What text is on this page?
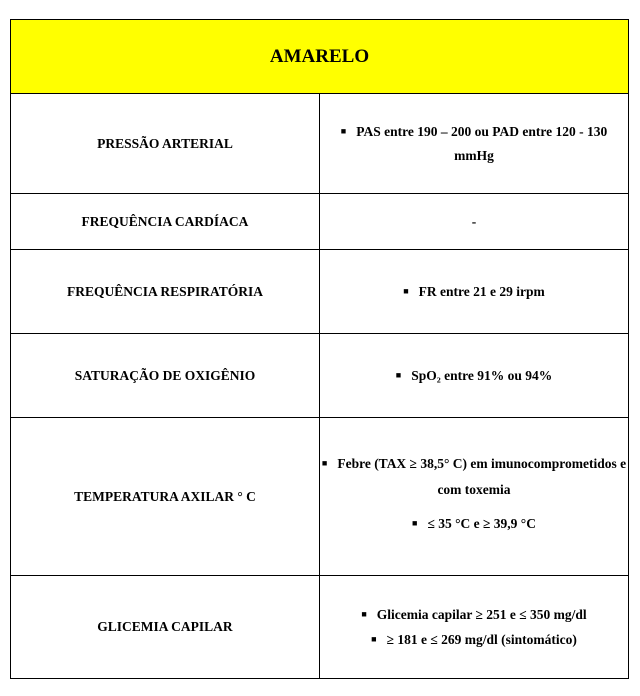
AMARELO	
PRESSÃO ARTERIAL	■ PAS entre 190 – 200 ou PAD entre 120 - 130 mmHg

FREQUÊNCIA CARDÍACA	-

FREQUÊNCIA RESPIRATÓRIA	■ FR entre 21 e 29 irpm

SATURAÇÃO DE OXIGÊNIO	■ SpO₂ entre 91% ou 94%

TEMPERATURA AXILAR ° C	■ Febre (TAX ≥ 38,5° C) em imunocomprometidos e
com toxemia
■ ≤ 35 °C e ≥ 39,9 °C

GLICEMIA CAPILAR	■ Glicemia capilar ≥ 251 e ≤ 350 mg/dl
■ ≥ 181 e ≤ 269 mg/dl (sintomático)
